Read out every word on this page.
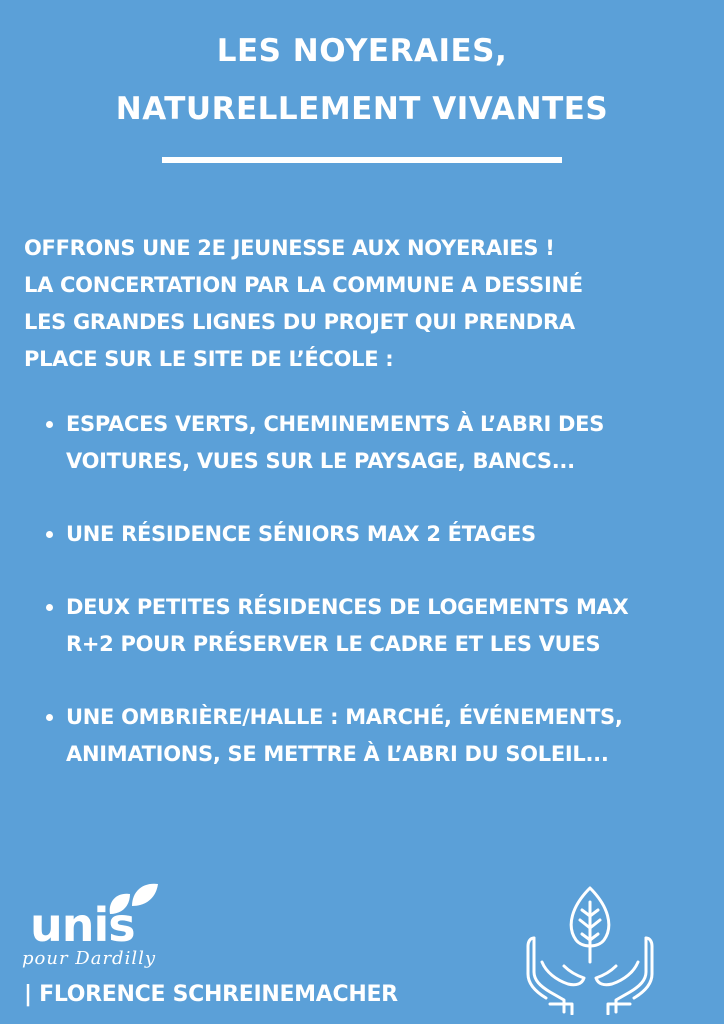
LES NOYERAIES,
NATURELLEMENT VIVANTES
OFFRONS UNE 2E JEUNESSE AUX NOYERAIES !
LA CONCERTATION PAR LA COMMUNE A DESSINÉ
LES GRANDES LIGNES DU PROJET QUI PRENDRA
PLACE SUR LE SITE DE L’ÉCOLE :
ESPACES VERTS, CHEMINEMENTS À L’ABRI DES
VOITURES, VUES SUR LE PAYSAGE, BANCS...
UNE RÉSIDENCE SÉNIORS MAX 2 ÉTAGES
DEUX PETITES RÉSIDENCES DE LOGEMENTS MAX
R+2 POUR PRÉSERVER LE CADRE ET LES VUES
UNE OMBRIÈRE/HALLE : MARCHÉ, ÉVÉNEMENTS,
ANIMATIONS, SE METTRE À L’ABRI DU SOLEIL...
unis
pour Dardilly
| FLORENCE SCHREINEMACHER
